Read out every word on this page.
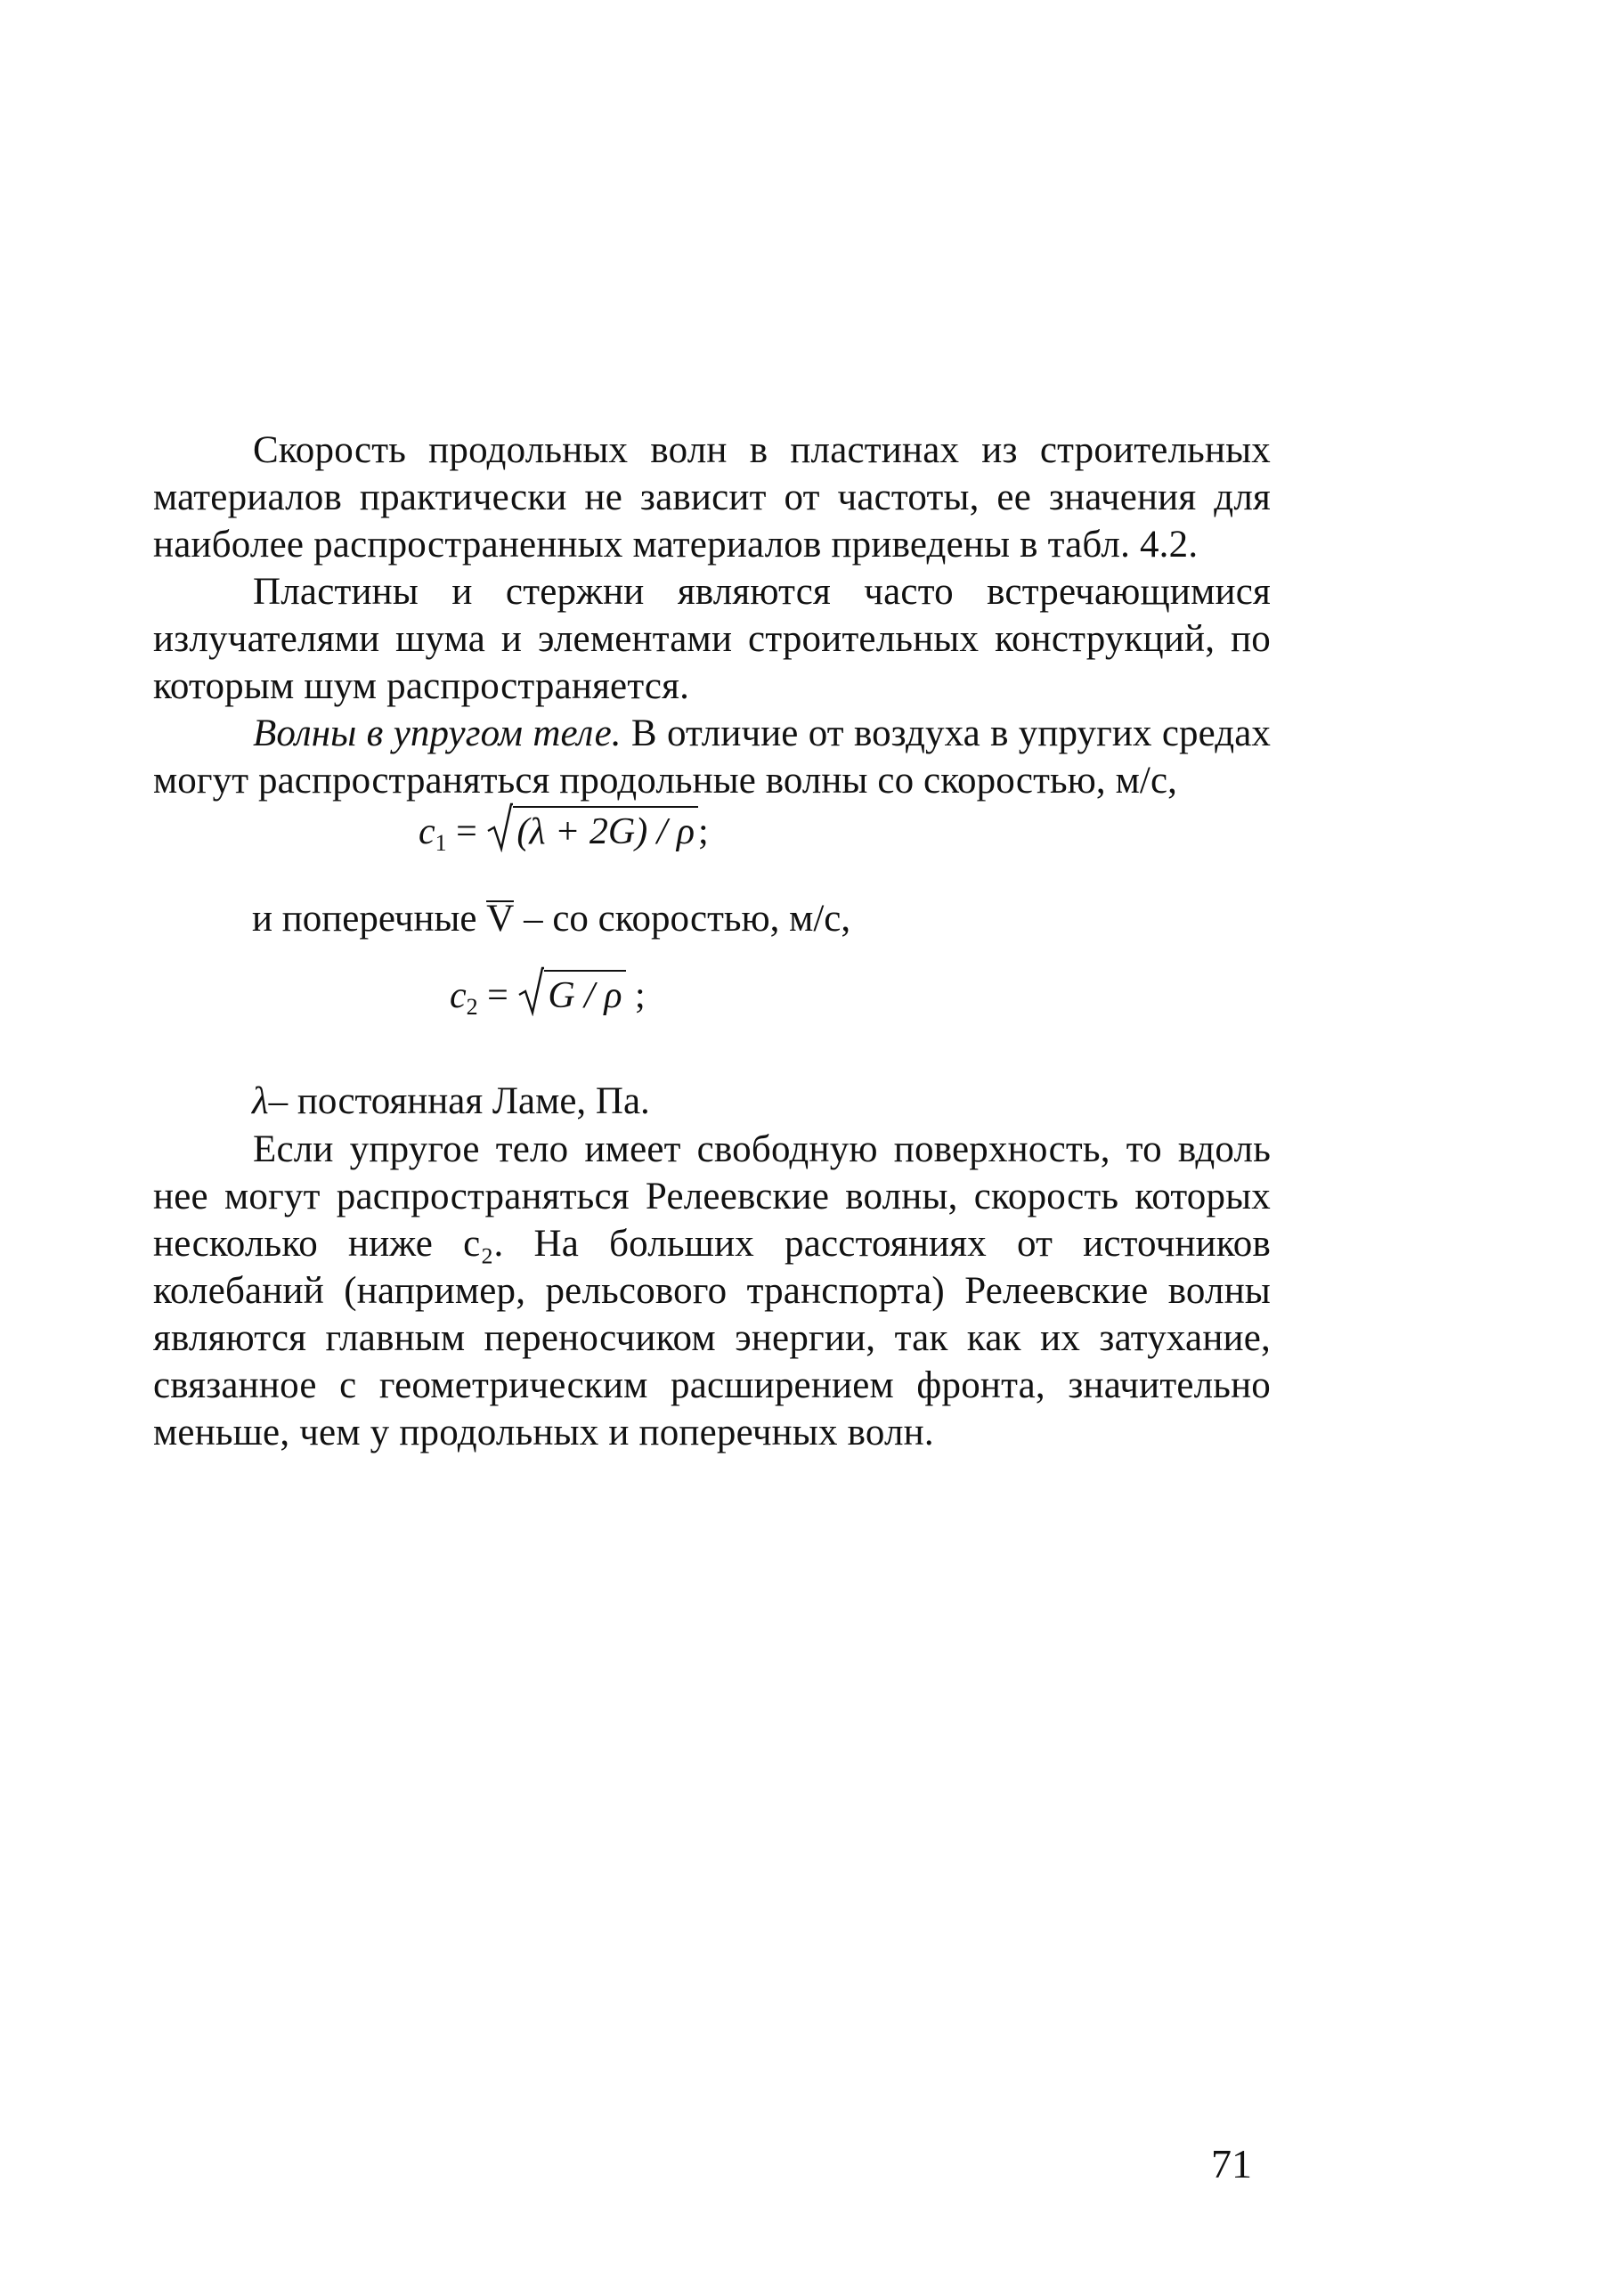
Скорость продольных волн в пластинах из строительных материалов практически не зависит от частоты, ее значения для наиболее распространенных материалов приведены в табл. 4.2.

Пластины и стержни являются часто встречающимися излучателями шума и элементами строительных конструкций, по которым шум распространяется.

Волны в упругом теле. В отличие от воздуха в упругих средах могут распространяться продольные волны со скоростью, м/с,

$c_1$ =
(λ + 2G) / ρ;
и поперечные V – со скоростью, м/с,
$c_2$ =
G / ρ ;
λ– постоянная Ламе, Па.

Если упругое тело имеет свободную поверхность, то вдоль нее могут распространяться Релеевские волны, скорость которых несколько ниже c₂. На больших расстояниях от источников колебаний (например, рельсового транспорта) Релеевские волны являются главным переносчиком энергии, так как их затухание, связанное с геометрическим расширением фронта, значительно меньше, чем у продольных и поперечных волн.

71
